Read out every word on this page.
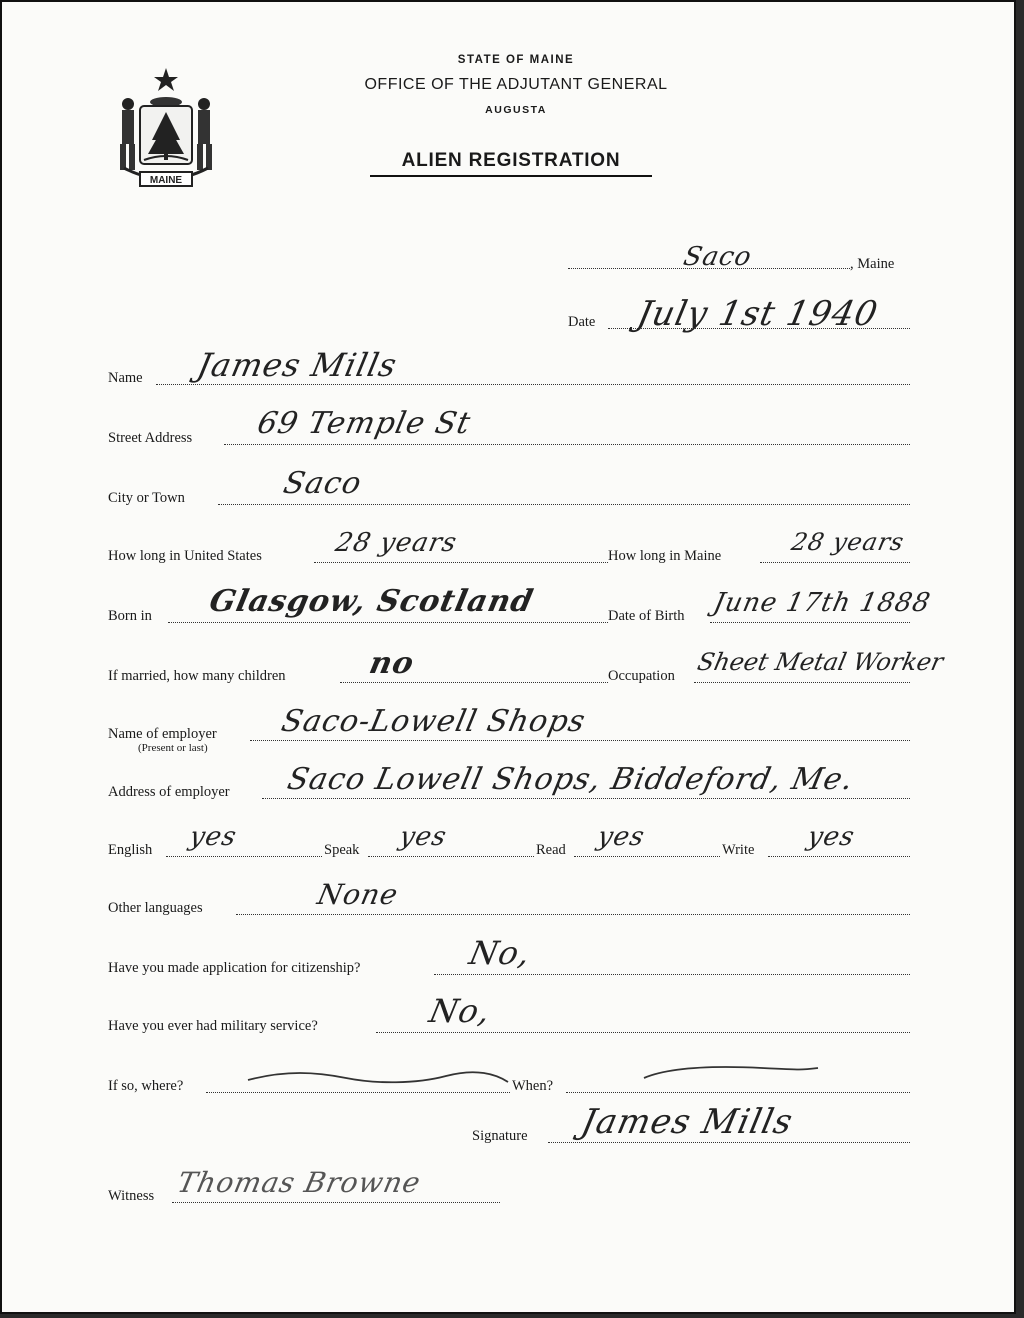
MAINE
STATE OF MAINE
OFFICE OF THE ADJUTANT GENERAL
AUGUSTA
ALIEN REGISTRATION
Saco	, Maine
Date July 1st 1940
Name James Mills
Street Address 69 Temple St
City or Town	Saco
How long in United States	28 years	How long in Maine	28 years
Born in Glasgow, Scotland	Date of Birth June 17th 1888
If married, how many children	no	Occupation Sheet Metal Worker
Name of employer
(Present or last)
Saco-Lowell Shops
Address of employer Saco Lowell Shops, Biddeford, Me.
English yes	Speak yes	Read yes	Write yes
Other languages	None
Have you made application for citizenship?	No,
Have you ever had military service?	No,
If so, where?	When?
Signature James Mills
Witness Thomas Browne
